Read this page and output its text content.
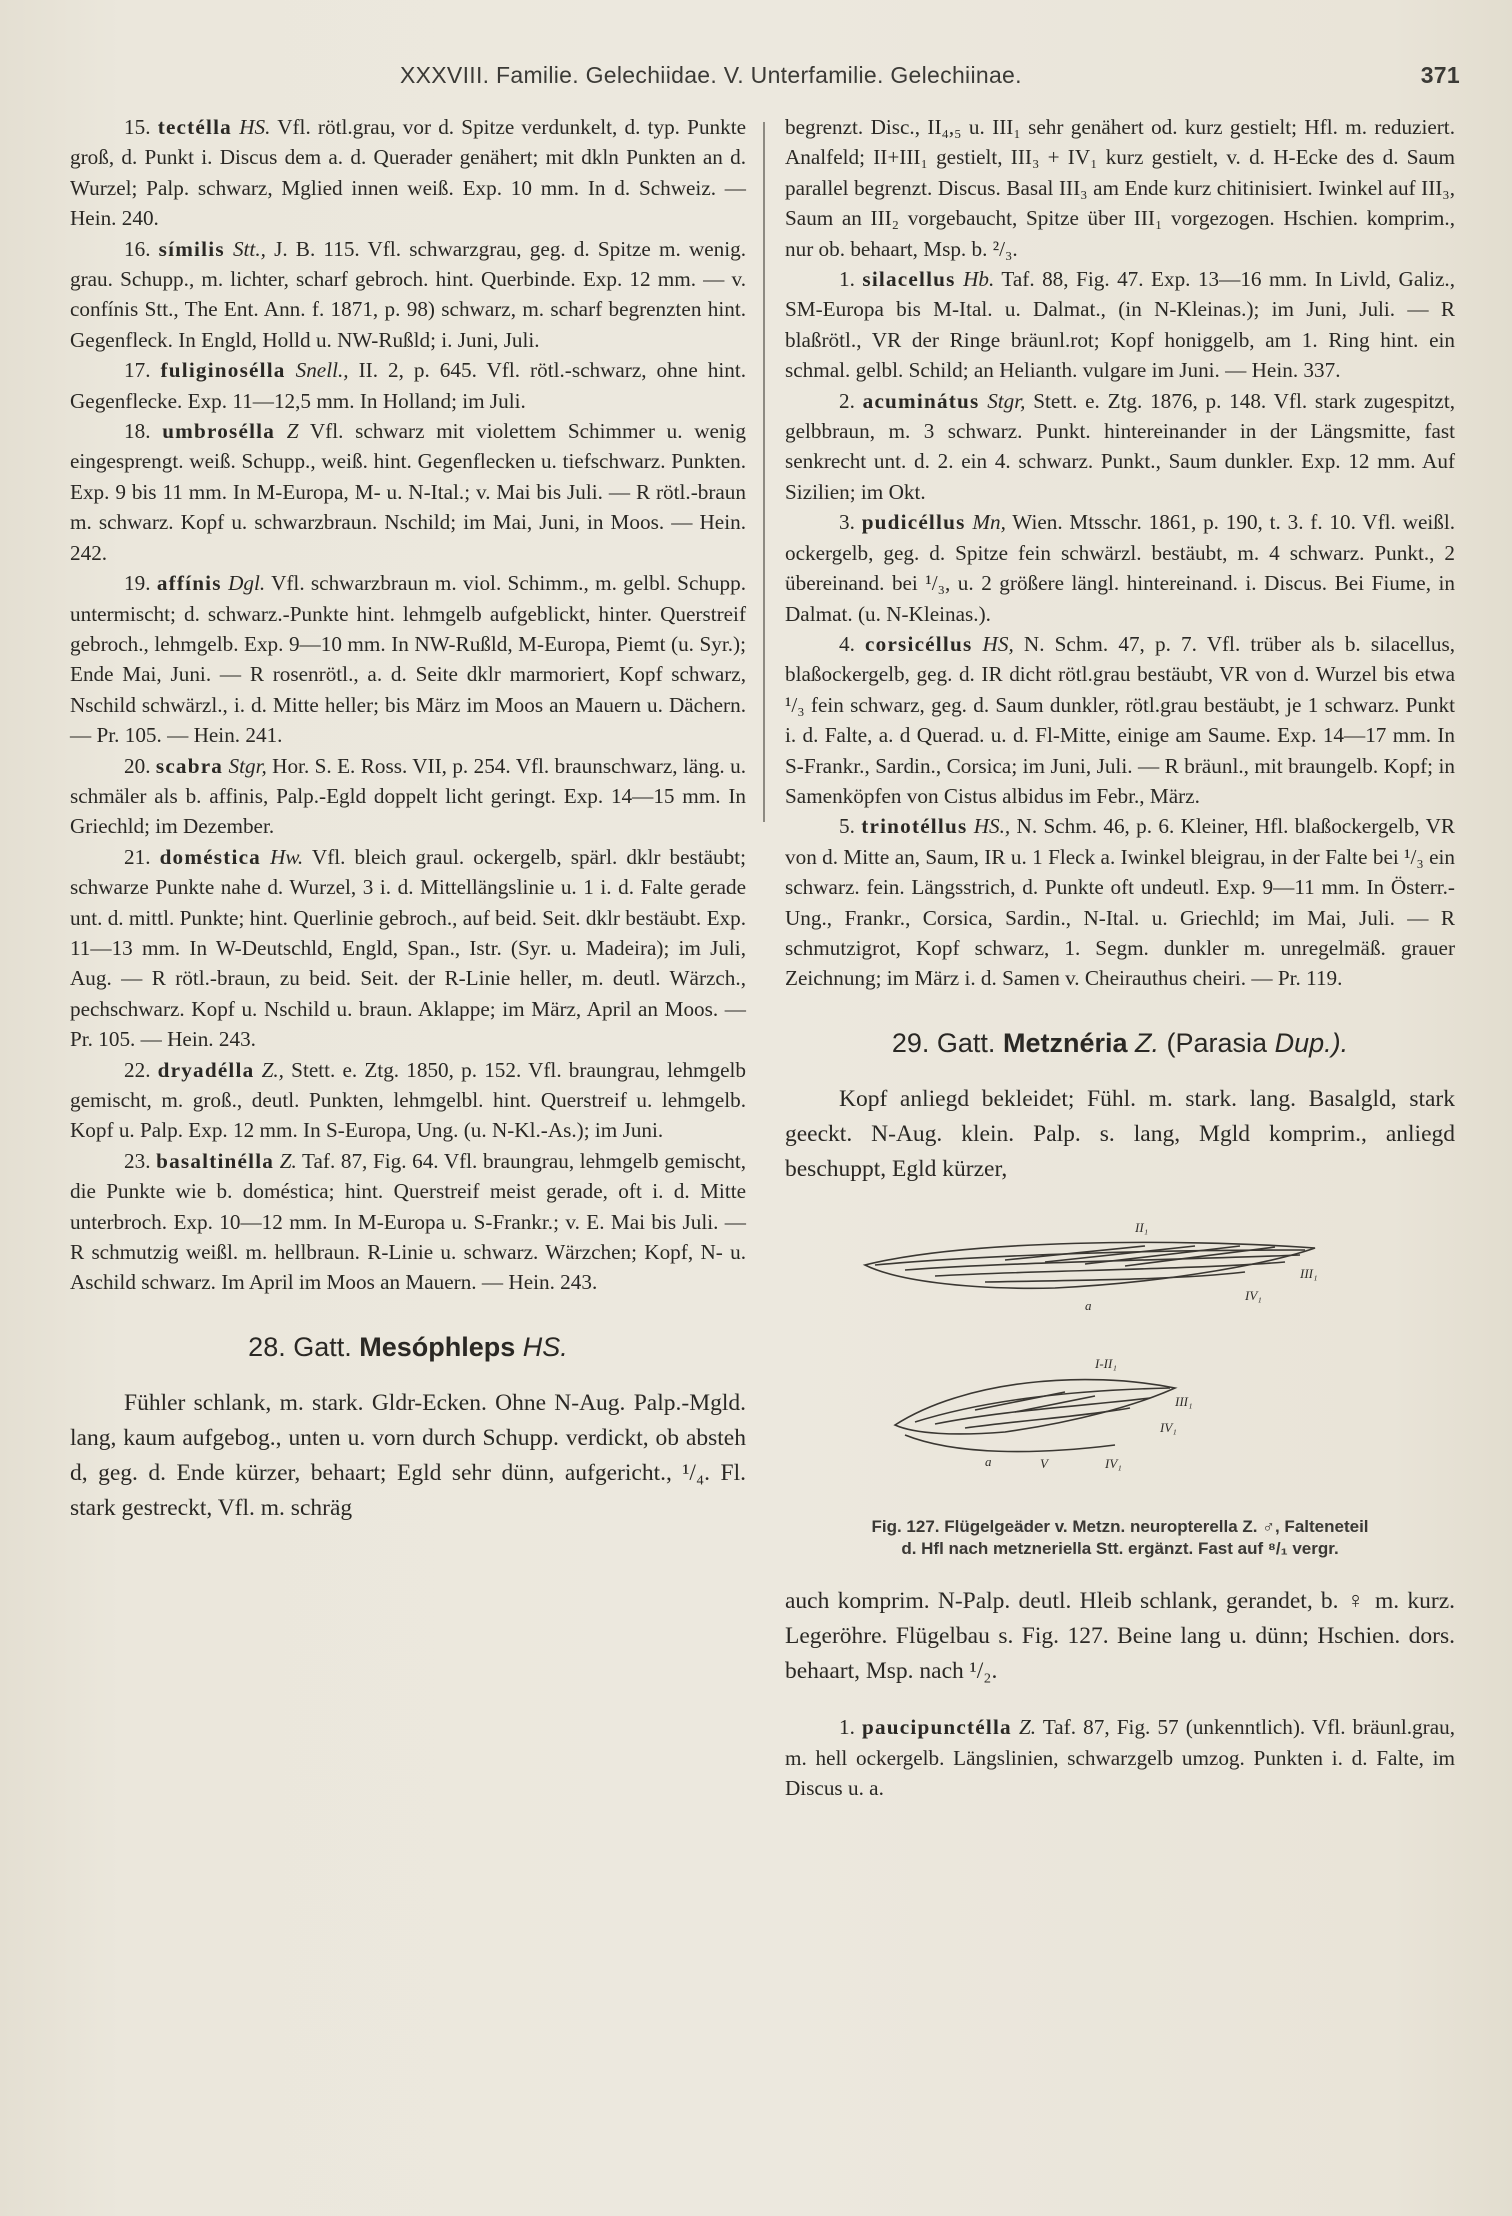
XXXVIII. Familie. Gelechiidae. V. Unterfamilie. Gelechiinae.	371

15. tectélla HS. Vfl. rötl.grau, vor d. Spitze verdunkelt, d. typ. Punkte groß, d. Punkt i. Discus dem a. d. Querader genähert; mit dkln Punkten an d. Wurzel; Palp. schwarz, Mglied innen weiß. Exp. 10 mm. In d. Schweiz. — Hein. 240.

16. símilis Stt., J. B. 115. Vfl. schwarzgrau, geg. d. Spitze m. wenig. grau. Schupp., m. lichter, scharf gebroch. hint. Querbinde. Exp. 12 mm. — v. confínis Stt., The Ent. Ann. f. 1871, p. 98) schwarz, m. scharf begrenzten hint. Gegenfleck. In Engld, Holld u. NW-Rußld; i. Juni, Juli.

17. fuliginosélla Snell., II. 2, p. 645. Vfl. rötl.-schwarz, ohne hint. Gegenflecke. Exp. 11—12,5 mm. In Holland; im Juli.

18. umbrosélla Z Vfl. schwarz mit violettem Schimmer u. wenig eingesprengt. weiß. Schupp., weiß. hint. Gegenflecken u. tiefschwarz. Punkten. Exp. 9 bis 11 mm. In M-Europa, M- u. N-Ital.; v. Mai bis Juli. — R rötl.-braun m. schwarz. Kopf u. schwarzbraun. Nschild; im Mai, Juni, in Moos. — Hein. 242.

19. affínis Dgl. Vfl. schwarzbraun m. viol. Schimm., m. gelbl. Schupp. untermischt; d. schwarz.-Punkte hint. lehmgelb aufgeblickt, hinter. Querstreif gebroch., lehmgelb. Exp. 9—10 mm. In NW-Rußld, M-Europa, Piemt (u. Syr.); Ende Mai, Juni. — R rosenrötl., a. d. Seite dklr marmoriert, Kopf schwarz, Nschild schwärzl., i. d. Mitte heller; bis März im Moos an Mauern u. Dächern. — Pr. 105. — Hein. 241.

20. scabra Stgr, Hor. S. E. Ross. VII, p. 254. Vfl. braunschwarz, läng. u. schmäler als b. affinis, Palp.-Egld doppelt licht geringt. Exp. 14—15 mm. In Griechld; im Dezember.

21. doméstica Hw. Vfl. bleich graul. ockergelb, spärl. dklr bestäubt; schwarze Punkte nahe d. Wurzel, 3 i. d. Mittellängslinie u. 1 i. d. Falte gerade unt. d. mittl. Punkte; hint. Querlinie gebroch., auf beid. Seit. dklr bestäubt. Exp. 11—13 mm. In W-Deutschld, Engld, Span., Istr. (Syr. u. Madeira); im Juli, Aug. — R rötl.-braun, zu beid. Seit. der R-Linie heller, m. deutl. Wärzch., pechschwarz. Kopf u. Nschild u. braun. Aklappe; im März, April an Moos. — Pr. 105. — Hein. 243.

22. dryadélla Z., Stett. e. Ztg. 1850, p. 152. Vfl. braungrau, lehmgelb gemischt, m. groß., deutl. Punkten, lehmgelbl. hint. Querstreif u. lehmgelb. Kopf u. Palp. Exp. 12 mm. In S-Europa, Ung. (u. N-Kl.-As.); im Juni.

23. basaltinélla Z. Taf. 87, Fig. 64. Vfl. braungrau, lehmgelb gemischt, die Punkte wie b. doméstica; hint. Querstreif meist gerade, oft i. d. Mitte unterbroch. Exp. 10—12 mm. In M-Europa u. S-Frankr.; v. E. Mai bis Juli. — R schmutzig weißl. m. hellbraun. R-Linie u. schwarz. Wärzchen; Kopf, N- u. Aschild schwarz. Im April im Moos an Mauern. — Hein. 243.

28. Gatt. Mesóphleps HS.

Fühler schlank, m. stark. Gldr-Ecken. Ohne N-Aug. Palp.-Mgld. lang, kaum aufgebog., unten u. vorn durch Schupp. verdickt, ob absteh d, geg. d. Ende kürzer, behaart; Egld sehr dünn, aufgericht., ¹/₄. Fl. stark gestreckt, Vfl. m. schräg

begrenzt. Disc., II₄,₅ u. III₁ sehr genähert od. kurz gestielt; Hfl. m. reduziert. Analfeld; II+III₁ gestielt, III₃ + IV₁ kurz gestielt, v. d. H-Ecke des d. Saum parallel begrenzt. Discus. Basal III₃ am Ende kurz chitinisiert. Iwinkel auf III₃, Saum an III₂ vorgebaucht, Spitze über III₁ vorgezogen. Hschien. komprim., nur ob. behaart, Msp. b. ²/₃.

1. silacellus Hb. Taf. 88, Fig. 47. Exp. 13—16 mm. In Livld, Galiz., SM-Europa bis M-Ital. u. Dalmat., (in N-Kleinas.); im Juni, Juli. — R blaßrötl., VR der Ringe bräunl.rot; Kopf honiggelb, am 1. Ring hint. ein schmal. gelbl. Schild; an Helianth. vulgare im Juni. — Hein. 337.

2. acuminátus Stgr, Stett. e. Ztg. 1876, p. 148. Vfl. stark zugespitzt, gelbbraun, m. 3 schwarz. Punkt. hintereinander in der Längsmitte, fast senkrecht unt. d. 2. ein 4. schwarz. Punkt., Saum dunkler. Exp. 12 mm. Auf Sizilien; im Okt.

3. pudicéllus Mn, Wien. Mtsschr. 1861, p. 190, t. 3. f. 10. Vfl. weißl. ockergelb, geg. d. Spitze fein schwärzl. bestäubt, m. 4 schwarz. Punkt., 2 übereinand. bei ¹/₃, u. 2 größere längl. hintereinand. i. Discus. Bei Fiume, in Dalmat. (u. N-Kleinas.).

4. corsicéllus HS, N. Schm. 47, p. 7. Vfl. trüber als b. silacellus, blaßockergelb, geg. d. IR dicht rötl.grau bestäubt, VR von d. Wurzel bis etwa ¹/₃ fein schwarz, geg. d. Saum dunkler, rötl.grau bestäubt, je 1 schwarz. Punkt i. d. Falte, a. d Querad. u. d. Fl-Mitte, einige am Saume. Exp. 14—17 mm. In S-Frankr., Sardin., Corsica; im Juni, Juli. — R bräunl., mit braungelb. Kopf; in Samenköpfen von Cistus albidus im Febr., März.

5. trinotéllus HS., N. Schm. 46, p. 6. Kleiner, Hfl. blaßockergelb, VR von d. Mitte an, Saum, IR u. 1 Fleck a. Iwinkel bleigrau, in der Falte bei ¹/₃ ein schwarz. fein. Längsstrich, d. Punkte oft undeutl. Exp. 9—11 mm. In Österr.-Ung., Frankr., Corsica, Sardin., N-Ital. u. Griechld; im Mai, Juli. — R schmutzigrot, Kopf schwarz, 1. Segm. dunkler m. unregelmäß. grauer Zeichnung; im März i. d. Samen v. Cheirauthus cheiri. — Pr. 119.

29. Gatt. Metznéria Z. (Parasia Dup.).

Kopf anliegd bekleidet; Fühl. m. stark. lang. Basalgld, stark geeckt. N-Aug. klein. Palp. s. lang, Mgld komprim., anliegd beschuppt, Egld kürzer,

II₁
III₁
IV₁
a
I-II₁
III₁
IV₁
a	V	IV₁
Fig. 127. Flügelgeäder v. Metzn. neuropterella Z. ♂, Falteneteil
d. Hfl nach metzneriella Stt. ergänzt. Fast auf ⁸/₁ vergr.

auch komprim. N-Palp. deutl. Hleib schlank, gerandet, b. ♀ m. kurz. Legeröhre. Flügelbau s. Fig. 127. Beine lang u. dünn; Hschien. dors. behaart, Msp. nach ¹/₂.

1. paucipunctélla Z. Taf. 87, Fig. 57 (unkenntlich). Vfl. bräunl.grau, m. hell ockergelb. Längslinien, schwarzgelb umzog. Punkten i. d. Falte, im Discus u. a.
